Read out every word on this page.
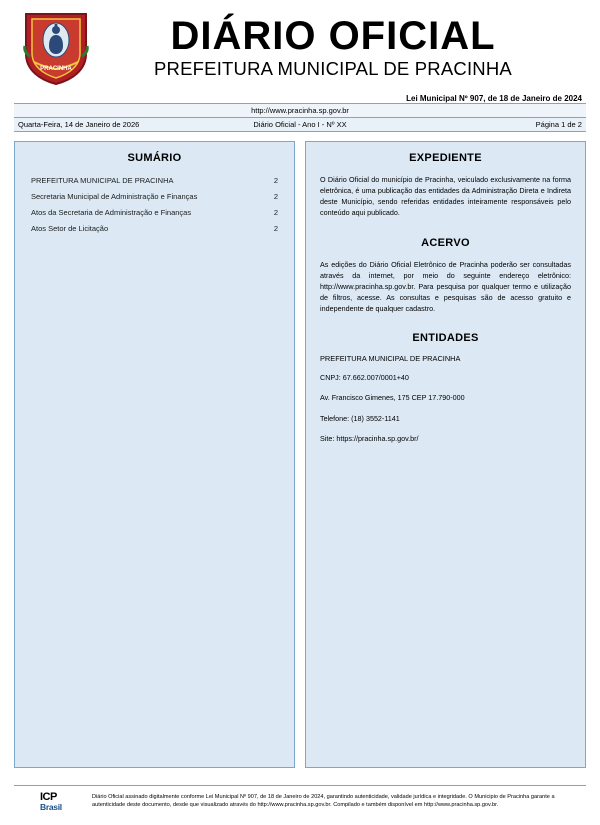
PRACINHA
DIÁRIO OFICIAL
PREFEITURA MUNICIPAL DE PRACINHA
Lei Municipal Nº 907, de 18 de Janeiro de 2024
http://www.pracinha.sp.gov.br
Quarta-Feira, 14 de Janeiro de 2026	Diário Oficial - Ano I - Nº XX	Página 1 de 2
SUMÁRIO
PREFEITURA MUNICIPAL DE PRACINHA	2
Secretaria Municipal de Administração e Finanças	2
Atos da Secretaria de Administração e Finanças	2
Atos Setor de Licitação	2
EXPEDIENTE

O Diário Oficial do município de Pracinha, veiculado exclusivamente na forma eletrônica, é uma publicação das entidades da Administração Direta e Indireta deste Município, sendo referidas entidades inteiramente responsáveis pelo conteúdo aqui publicado.

ACERVO

As edições do Diário Oficial Eletrônico de Pracinha poderão ser consultadas através da internet, por meio do seguinte endereço eletrônico: http://www.pracinha.sp.gov.br. Para pesquisa por qualquer termo e utilização de filtros, acesse. As consultas e pesquisas são de acesso gratuito e independente de qualquer cadastro.

ENTIDADES
PREFEITURA MUNICIPAL DE PRACINHA
CNPJ: 67.662.007/0001+40
Av. Francisco Gimenes, 175 CEP 17.790-000
Telefone: (18) 3552-1141
Site: https://pracinha.sp.gov.br/
ICP
Brasil
Diário Oficial assinado digitalmente conforme Lei Municipal Nº 907, de 18 de Janeiro de 2024, garantindo autenticidade, validade jurídica e integridade. O Municipio de Pracinha garante a autenticidade deste documento, desde que visualizado através do http://www.pracinha.sp.gov.br. Compilado e também disponível em http://www.pracinha.sp.gov.br.
